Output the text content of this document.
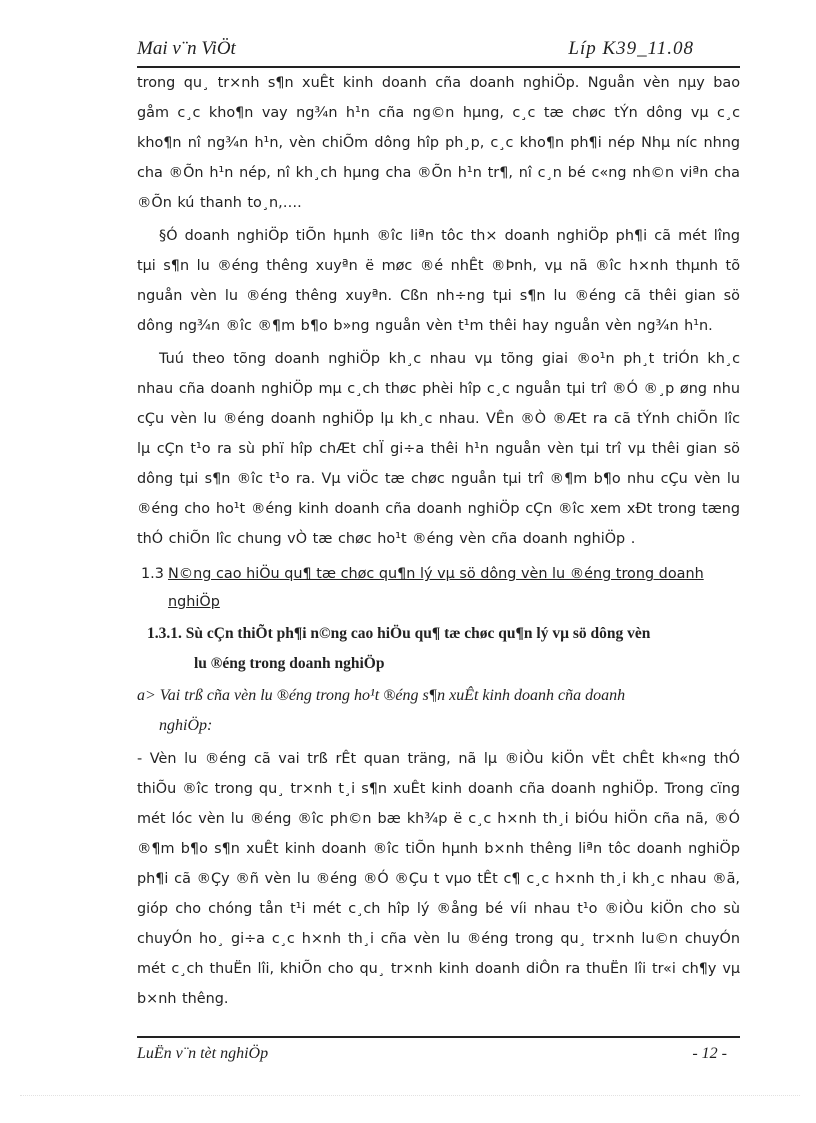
Mai v¨n ViÖt	Líp K39_11.08

trong qu¸ tr×nh s¶n xuÊt kinh doanh cña doanh nghiÖp. Nguån vèn nµy bao gåm c¸c kho¶n vay ng¾n h¹n cña ng©n hµng, c¸c tæ chøc tÝn dông vµ c¸c kho¶n nî ng¾n h¹n, vèn chiÕm dông hîp ph¸p, c¸c kho¶n ph¶i nép Nhµ níc nhng cha ®Õn h¹n nép, nî kh¸ch hµng cha ®Õn h¹n tr¶, nî c¸n bé c«ng nh©n viªn cha ®Õn kú thanh to¸n,….

§Ó doanh nghiÖp tiÕn hµnh ®îc liªn tôc th× doanh nghiÖp ph¶i cã mét lîng tµi s¶n lu ®éng thêng xuyªn ë møc ®é nhÊt ®Þnh, vµ nã ®îc h×nh thµnh tõ nguån vèn lu ®éng thêng xuyªn. Cßn nh÷ng tµi s¶n lu ®éng cã thêi gian sö dông ng¾n ®îc ®¶m b¶o b»ng nguån vèn t¹m thêi hay nguån vèn ng¾n h¹n.

Tuú theo tõng doanh nghiÖp kh¸c nhau vµ tõng giai ®o¹n ph¸t triÓn kh¸c nhau cña doanh nghiÖp mµ c¸ch thøc phèi hîp c¸c nguån tµi trî ®Ó ®¸p øng nhu cÇu vèn lu ®éng doanh nghiÖp lµ kh¸c nhau. VÊn ®Ò ®Æt ra cã tÝnh chiÕn lîc lµ cÇn t¹o ra sù phï hîp chÆt chÏ gi÷a thêi h¹n nguån vèn tµi trî vµ thêi gian sö dông tµi s¶n ®îc t¹o ra. Vµ viÖc tæ chøc nguån tµi trî ®¶m b¶o nhu cÇu vèn lu ®éng cho ho¹t ®éng kinh doanh cña doanh nghiÖp cÇn ®îc xem xÐt trong tæng thÓ chiÕn lîc chung vÒ tæ chøc ho¹t ®éng vèn cña doanh nghiÖp .

1.3 N©ng cao hiÖu qu¶ tæ chøc qu¶n lý vµ sö dông vèn lu ®éng trong doanh nghiÖp
1.3.1. Sù cÇn thiÕt ph¶i n©ng cao hiÖu qu¶ tæ chøc qu¶n lý vµ sö dông vèn
lu ®éng trong doanh nghiÖp
a> Vai trß cña vèn lu ®éng trong ho¹t ®éng s¶n xuÊt kinh doanh cña doanh
nghiÖp:

- Vèn lu ®éng cã vai trß rÊt quan träng, nã lµ ®iÒu kiÖn vËt chÊt kh«ng thÓ thiÕu ®îc trong qu¸ tr×nh t¸i s¶n xuÊt kinh doanh cña doanh nghiÖp. Trong cïng mét lóc vèn lu ®éng ®îc ph©n bæ kh¾p ë c¸c h×nh th¸i biÓu hiÖn cña nã, ®Ó ®¶m b¶o s¶n xuÊt kinh doanh ®îc tiÕn hµnh b×nh thêng liªn tôc doanh nghiÖp ph¶i cã ®Çy ®ñ vèn lu ®éng ®Ó ®Çu t vµo tÊt c¶ c¸c h×nh th¸i kh¸c nhau ®ã, gióp cho chóng tån t¹i mét c¸ch hîp lý ®ång bé víi nhau t¹o ®iÒu kiÖn cho sù chuyÓn ho¸ gi÷a c¸c h×nh th¸i cña vèn lu ®éng trong qu¸ tr×nh lu©n chuyÓn mét c¸ch thuËn lîi, khiÕn cho qu¸ tr×nh kinh doanh diÔn ra thuËn lîi tr«i ch¶y vµ b×nh thêng.

LuËn v¨n tèt nghiÖp	- 12 -
